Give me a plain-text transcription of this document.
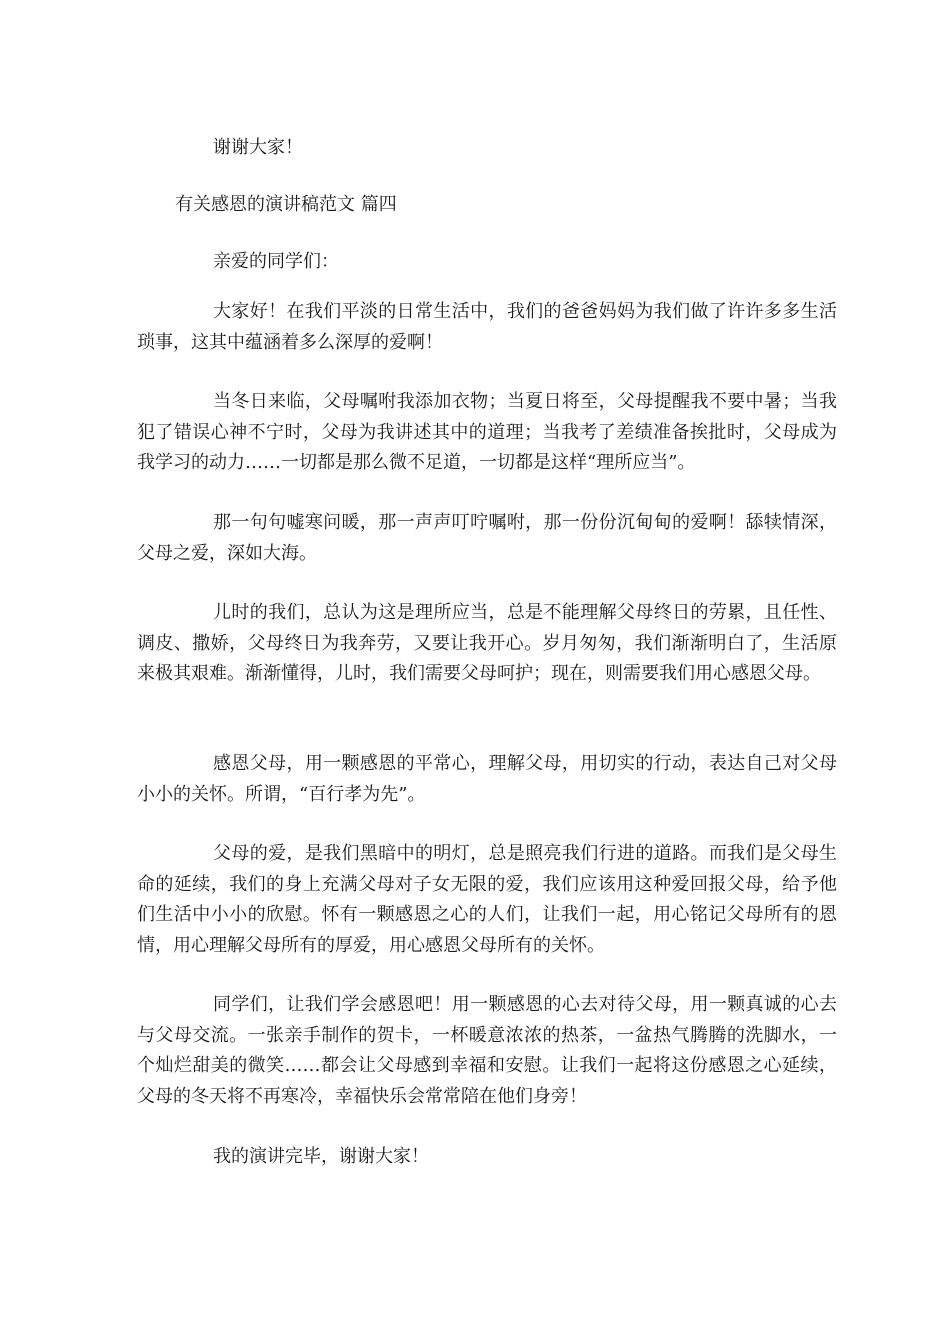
谢谢大家！
有关感恩的演讲稿范文 篇四
亲爱的同学们：
大家好！在我们平淡的日常生活中，我们的爸爸妈妈为我们做了许许多多生活琐事，这其中蕴涵着多么深厚的爱啊！
当冬日来临，父母嘱咐我添加衣物；当夏日将至，父母提醒我不要中暑；当我犯了错误心神不宁时，父母为我讲述其中的道理；当我考了差绩准备挨批时，父母成为我学习的动力……一切都是那么微不足道，一切都是这样“理所应当”。
那一句句嘘寒问暖，那一声声叮咛嘱咐，那一份份沉甸甸的爱啊！舔犊情深，父母之爱，深如大海。
儿时的我们，总认为这是理所应当，总是不能理解父母终日的劳累，且任性、调皮、撒娇，父母终日为我奔劳，又要让我开心。岁月匆匆，我们渐渐明白了，生活原来极其艰难。渐渐懂得，儿时，我们需要父母呵护；现在，则需要我们用心感恩父母。
感恩父母，用一颗感恩的平常心，理解父母，用切实的行动，表达自己对父母小小的关怀。所谓，“百行孝为先”。
父母的爱，是我们黑暗中的明灯，总是照亮我们行进的道路。而我们是父母生命的延续，我们的身上充满父母对子女无限的爱，我们应该用这种爱回报父母，给予他们生活中小小的欣慰。怀有一颗感恩之心的人们，让我们一起，用心铭记父母所有的恩情，用心理解父母所有的厚爱，用心感恩父母所有的关怀。
同学们，让我们学会感恩吧！用一颗感恩的心去对待父母，用一颗真诚的心去与父母交流。一张亲手制作的贺卡，一杯暖意浓浓的热茶，一盆热气腾腾的洗脚水，一个灿烂甜美的微笑……都会让父母感到幸福和安慰。让我们一起将这份感恩之心延续，父母的冬天将不再寒冷，幸福快乐会常常陪在他们身旁！
我的演讲完毕，谢谢大家！
